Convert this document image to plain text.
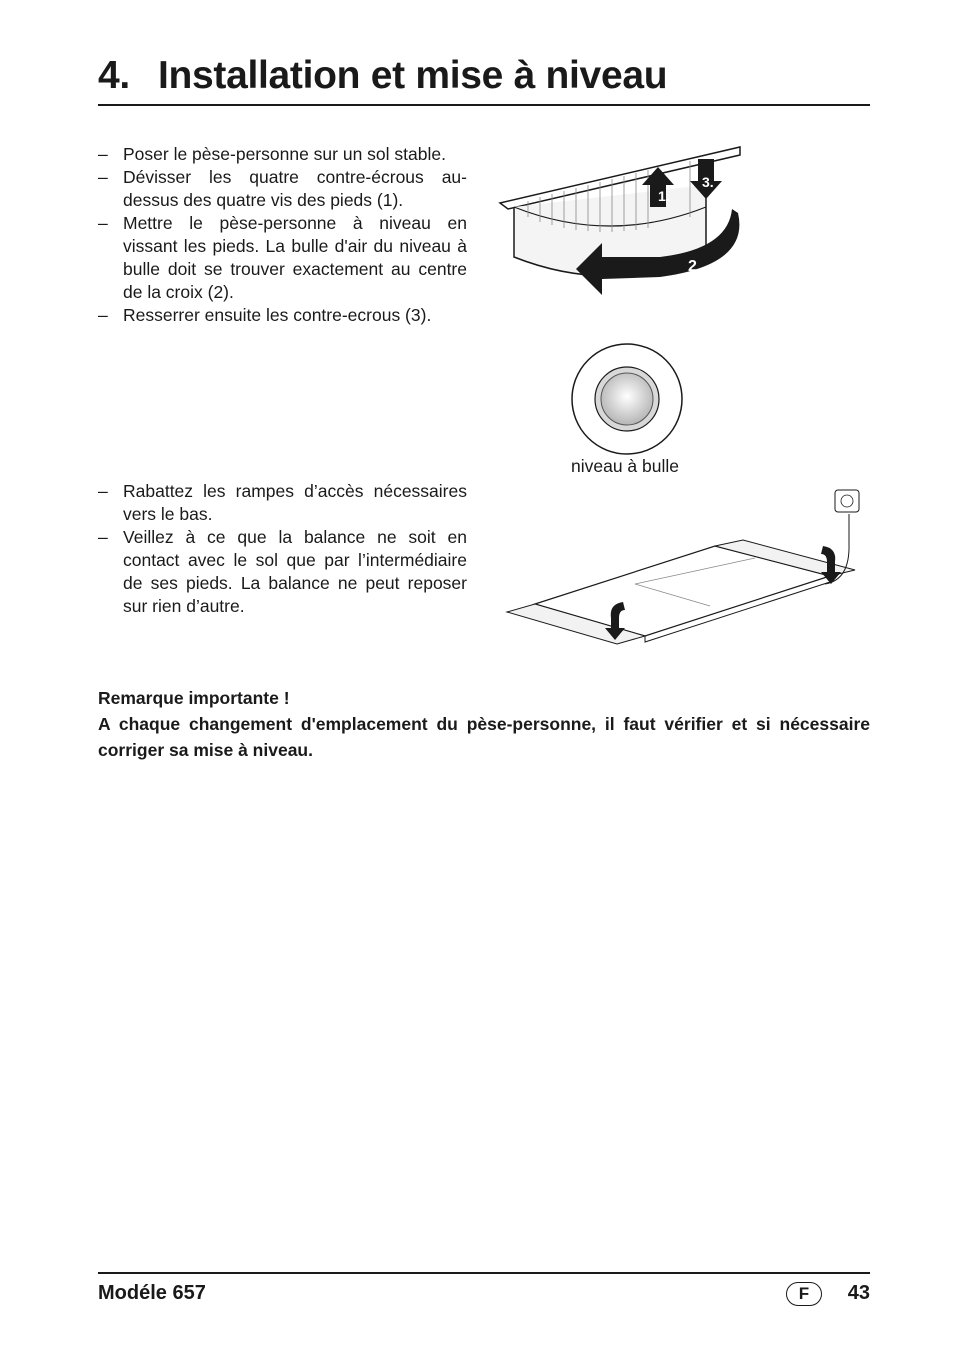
4. Installation et mise à niveau
– Poser le pèse-personne sur un sol stable.
– Dévisser les quatre contre-écrous au-dessus des quatre vis des pieds (1).
– Mettre le pèse-personne à niveau en vissant les pieds. La bulle d'air du niveau à bulle doit se trouver exactement au centre de la croix (2).
– Resserrer ensuite les contre-ecrous (3).
1.
3.
2.
niveau à bulle
– Rabattez les rampes d’accès nécessaires vers le bas.
– Veillez à ce que la balance ne soit en contact avec le sol que par l’intermédiaire de ses pieds. La balance ne peut reposer sur rien d’autre.
Remarque importante !
A chaque changement d'emplacement du pèse-personne, il faut vérifier et si nécessaire corriger sa mise à niveau.
Modéle 657	F	43
